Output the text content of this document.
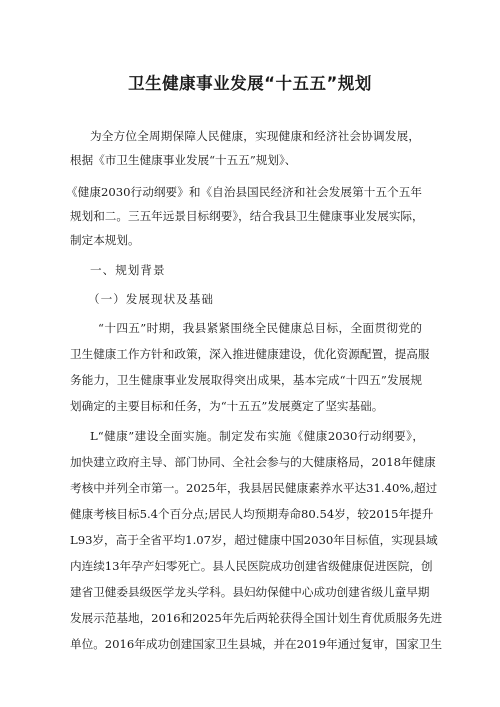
卫生健康事业发展“十五五”规划
为全方位全周期保障人民健康，实现健康和经济社会协调发展，
根据《市卫生健康事业发展“十五五”规划》、
《健康2030行动纲要》和《自治县国民经济和社会发展第十五个五年
规划和二。三五年远景目标纲要》，结合我县卫生健康事业发展实际，
制定本规划。
一、规划背景
（一）发展现状及基础
“十四五”时期，我县紧紧围绕全民健康总目标，全面贯彻党的
卫生健康工作方针和政策，深入推进健康建设，优化资源配置，提高服
务能力，卫生健康事业发展取得突出成果，基本完成“十四五”发展规
划确定的主要目标和任务，为“十五五”发展奠定了坚实基础。
L“健康”建设全面实施。制定发布实施《健康2030行动纲要》，
加快建立政府主导、部门协同、全社会参与的大健康格局，2018年健康
考核中并列全市第一。2025年，我县居民健康素养水平达31.40%,超过
健康考核目标5.4个百分点;居民人均预期寿命80.54岁，较2015年提升
L93岁，高于全省平均1.07岁，超过健康中国2030年目标值，实现县域
内连续13年孕产妇零死亡。县人民医院成功创建省级健康促进医院，创
建省卫健委县级医学龙头学科。县妇幼保健中心成功创建省级儿童早期
发展示范基地，2016和2025年先后两轮获得全国计划生育优质服务先进
单位。2016年成功创建国家卫生县城，并在2019年通过复审，国家卫生
